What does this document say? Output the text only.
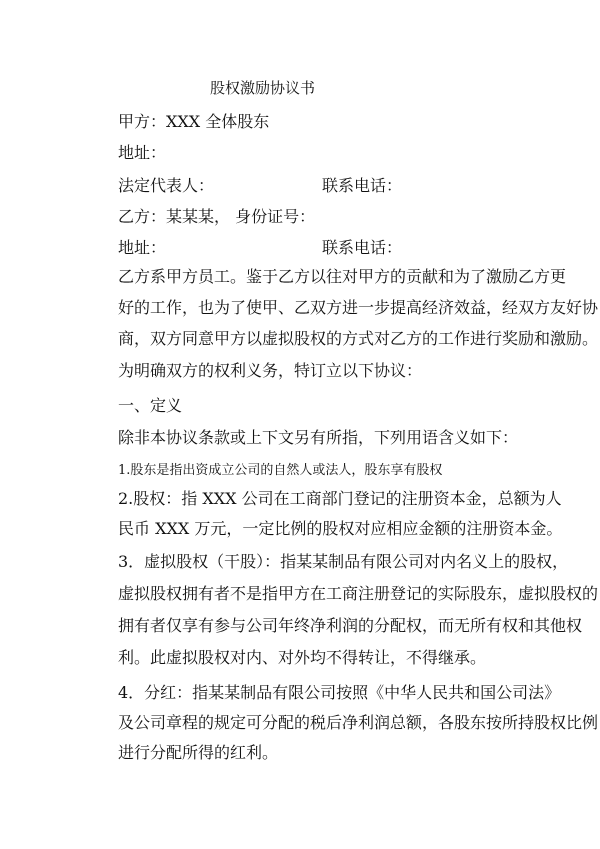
股权激励协议书
甲方：XXX 全体股东
地址：
法定代表人：	联系电话：
乙方：某某某， 身份证号：
地址：	联系电话：
乙方系甲方员工。鉴于乙方以往对甲方的贡献和为了激励乙方更
好的工作，也为了使甲、乙双方进一步提高经济效益，经双方友好协
商，双方同意甲方以虚拟股权的方式对乙方的工作进行奖励和激励。
为明确双方的权利义务，特订立以下协议：
一、定义
除非本协议条款或上下文另有所指，下列用语含义如下：
1.股东是指出资成立公司的自然人或法人，股东享有股权
2.股权：指 XXX 公司在工商部门登记的注册资本金，总额为人
民币 XXX 万元，一定比例的股权对应相应金额的注册资本金。
3．虚拟股权（干股）：指某某制品有限公司对内名义上的股权，
虚拟股权拥有者不是指甲方在工商注册登记的实际股东，虚拟股权的
拥有者仅享有参与公司年终净利润的分配权，而无所有权和其他权
利。此虚拟股权对内、对外均不得转让，不得继承。
4．分红：指某某制品有限公司按照《中华人民共和国公司法》
及公司章程的规定可分配的税后净利润总额，各股东按所持股权比例
进行分配所得的红利。
